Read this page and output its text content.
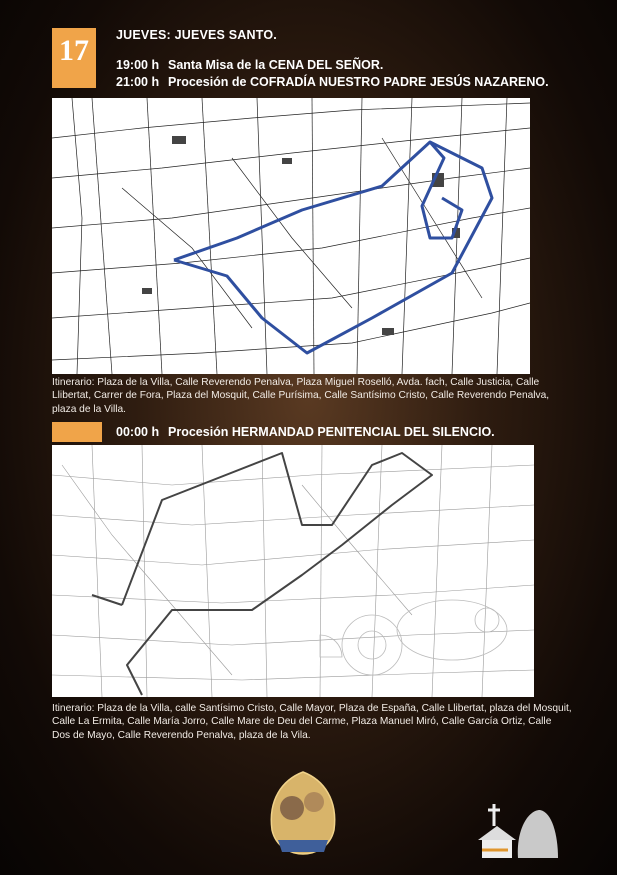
17 JUEVES: JUEVES SANTO.
19:00 h Santa Misa de la CENA DEL SEÑOR.
21:00 h Procesión de COFRADÍA NUESTRO PADRE JESÚS NAZARENO.
Itinerario: Plaza de la Villa, Calle Reverendo Penalva, Plaza Miguel Roselló, Avda. fach, Calle Justicia, Calle Llibertat, Carrer de Fora, Plaza del Mosquit, Calle Purísima, Calle Santísimo Cristo, Calle Reverendo Penalva, plaza de la Villa.
00:00 h Procesión HERMANDAD PENITENCIAL DEL SILENCIO.
Itinerario: Plaza de la Villa, calle Santísimo Cristo, Calle Mayor, Plaza de España, Calle Llibertat, plaza del Mosquit, Calle La Ermita, Calle María Jorro, Calle Mare de Deu del Carme, Plaza Manuel Miró, Calle García Ortiz, Calle Dos de Mayo, Calle Reverendo Penalva, plaza de la Vila.
